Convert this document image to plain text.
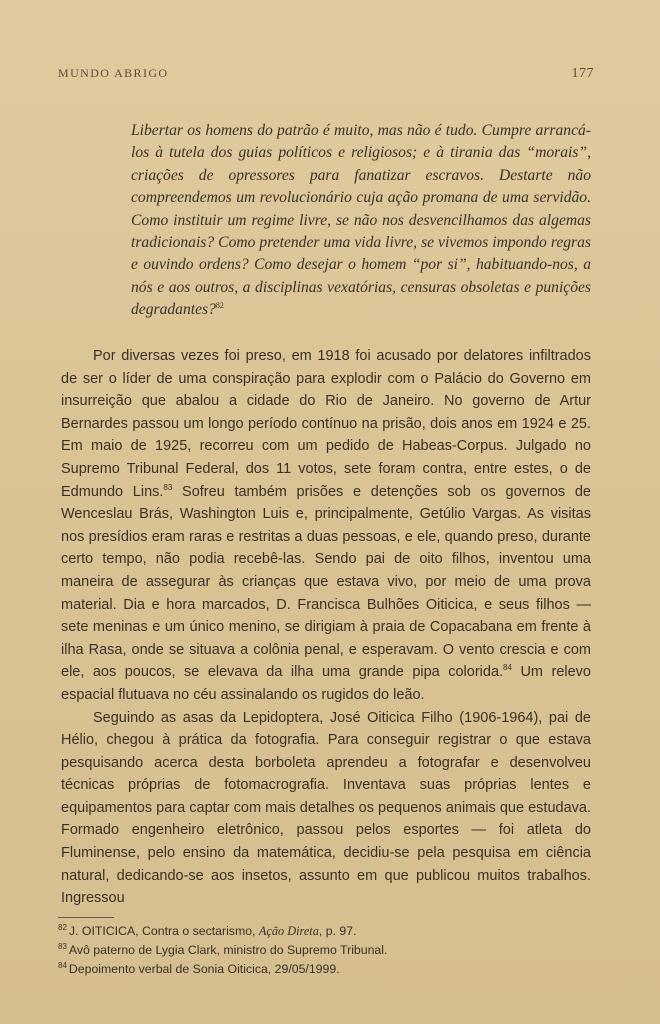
MUNDO ABRIGO	177
Libertar os homens do patrão é muito, mas não é tudo. Cumpre arrancá-los à tutela dos guias políticos e religiosos; e à tirania das “morais”, criações de opressores para fanatizar escravos. Destarte não compreendemos um revolucionário cuja ação promana de uma servidão. Como instituir um regime livre, se não nos desvencilhamos das algemas tradicionais? Como pretender uma vida livre, se vivemos impondo regras e ouvindo ordens? Como desejar o homem “por si”, habituando-nos, a nós e aos outros, a disciplinas vexatórias, censuras obsoletas e punições degradantes?$^{82}$

Por diversas vezes foi preso, em 1918 foi acusado por delatores infiltrados de ser o líder de uma conspiração para explodir com o Palácio do Governo em insurreição que abalou a cidade do Rio de Janeiro. No governo de Artur Bernardes passou um longo período contínuo na prisão, dois anos em 1924 e 25. Em maio de 1925, recorreu com um pedido de Habeas-Corpus. Julgado no Supremo Tribunal Federal, dos 11 votos, sete foram contra, entre estes, o de Edmundo Lins.$^{83}$ Sofreu também prisões e detenções sob os governos de Wenceslau Brás, Washington Luis e, principalmente, Getúlio Vargas. As visitas nos presídios eram raras e restritas a duas pessoas, e ele, quando preso, durante certo tempo, não podia recebê-las. Sendo pai de oito filhos, inventou uma maneira de assegurar às crianças que estava vivo, por meio de uma prova material. Dia e hora marcados, D. Francisca Bulhões Oiticica, e seus filhos — sete meninas e um único menino, se dirigiam à praia de Copacabana em frente à ilha Rasa, onde se situava a colônia penal, e esperavam. O vento crescia e com ele, aos poucos, se elevava da ilha uma grande pipa colorida.$^{84}$ Um relevo espacial flutuava no céu assinalando os rugidos do leão.

Seguindo as asas da Lepidoptera, José Oiticica Filho (1906-1964), pai de Hélio, chegou à prática da fotografia. Para conseguir registrar o que estava pesquisando acerca desta borboleta aprendeu a fotografar e desenvolveu técnicas próprias de fotomacrografia. Inventava suas próprias lentes e equipamentos para captar com mais detalhes os pequenos animais que estudava. Formado engenheiro eletrônico, passou pelos esportes — foi atleta do Fluminense, pelo ensino da matemática, decidiu-se pela pesquisa em ciência natural, dedicando-se aos insetos, assunto em que publicou muitos trabalhos. Ingressou

$^{82}$ J. OITICICA, Contra o sectarismo, Ação Direta, p. 97.
$^{83}$ Avô paterno de Lygia Clark, ministro do Supremo Tribunal.
$^{84}$ Depoimento verbal de Sonia Oiticica, 29/05/1999.
